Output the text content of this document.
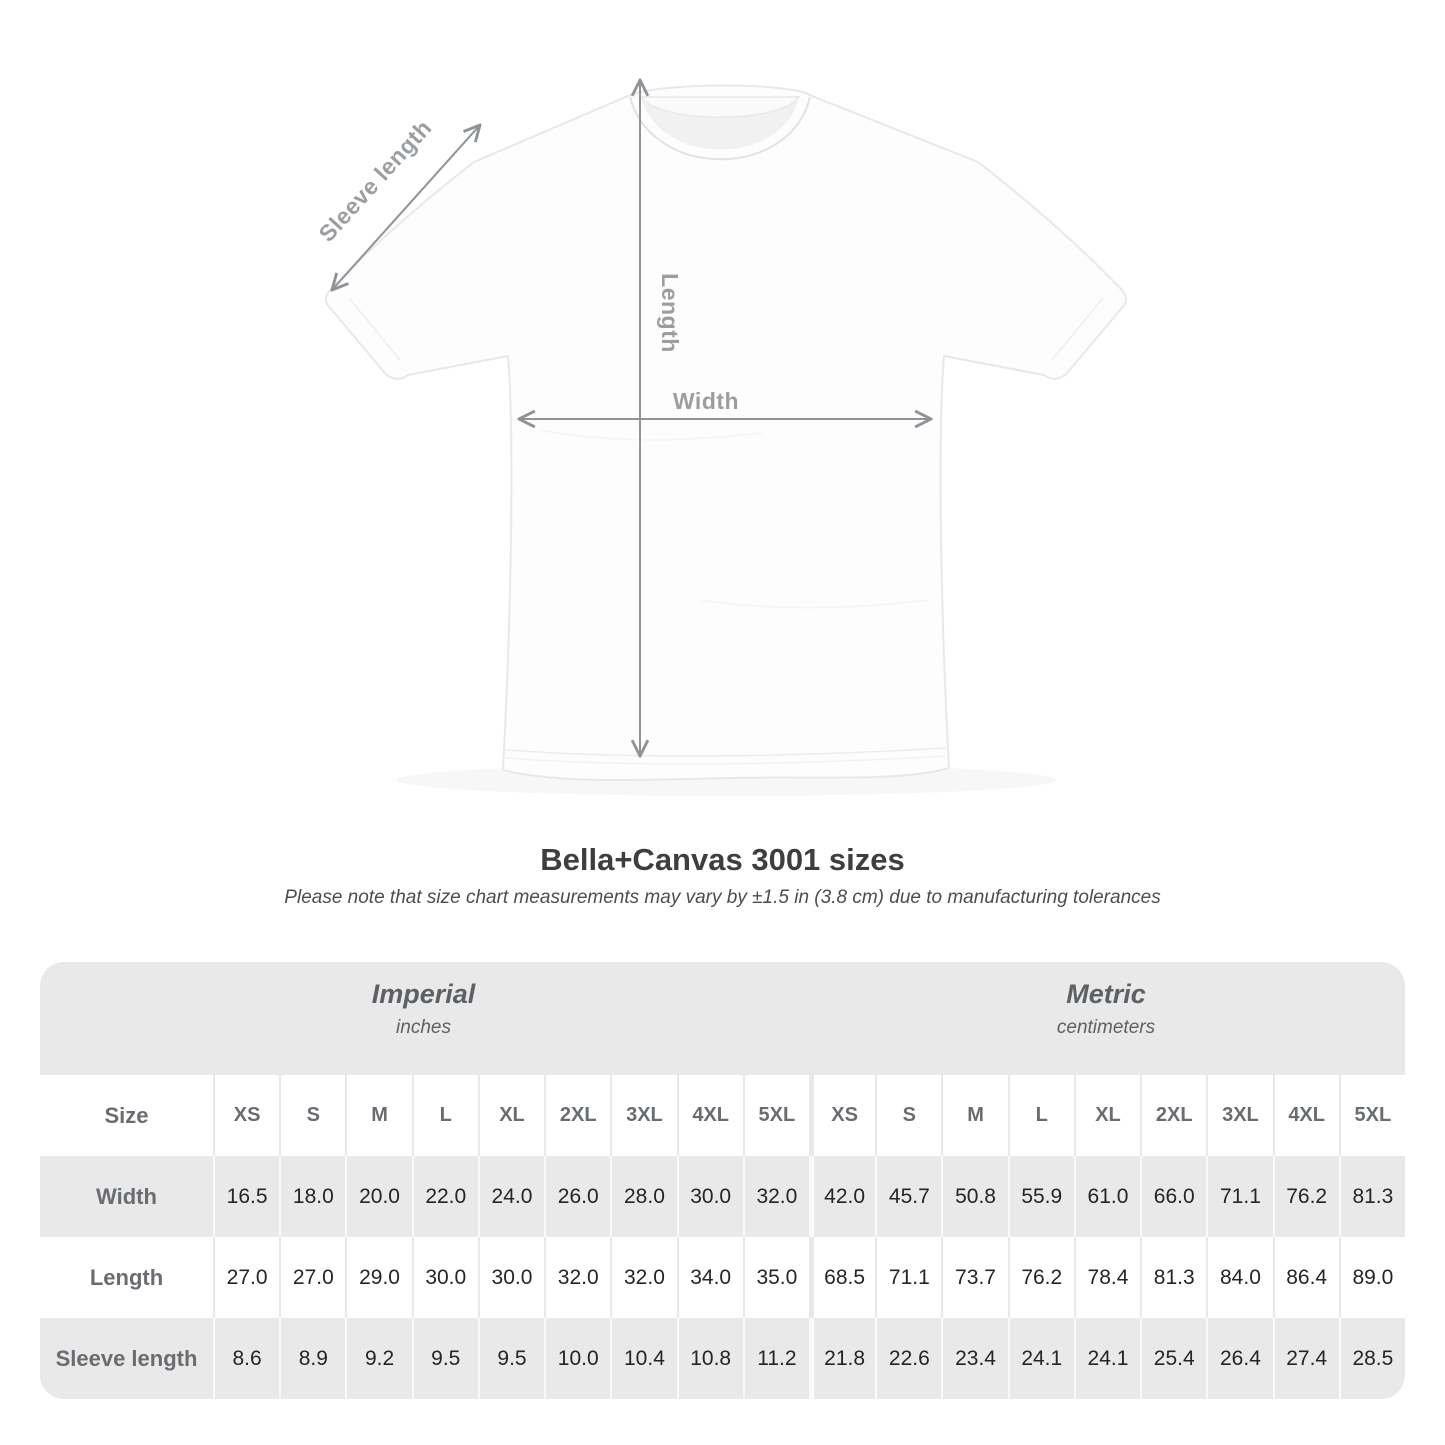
Sleeve length
Length
Width
Bella+Canvas 3001 sizes

Please note that size chart measurements may vary by ±1.5 in (3.8 cm) due to manufacturing tolerances

Imperial
inches
Metric
centimeters
Size	XS	S	M	L	XL	2XL	3XL	4XL	5XL	XS	S	M	L	XL	2XL	3XL	4XL	5XL
Width	16.5	18.0	20.0	22.0	24.0	26.0	28.0	30.0	32.0	42.0	45.7	50.8	55.9	61.0	66.0	71.1	76.2	81.3
Length	27.0	27.0	29.0	30.0	30.0	32.0	32.0	34.0	35.0	68.5	71.1	73.7	76.2	78.4	81.3	84.0	86.4	89.0
Sleeve length	8.6	8.9	9.2	9.5	9.5	10.0	10.4	10.8	11.2	21.8	22.6	23.4	24.1	24.1	25.4	26.4	27.4	28.5
